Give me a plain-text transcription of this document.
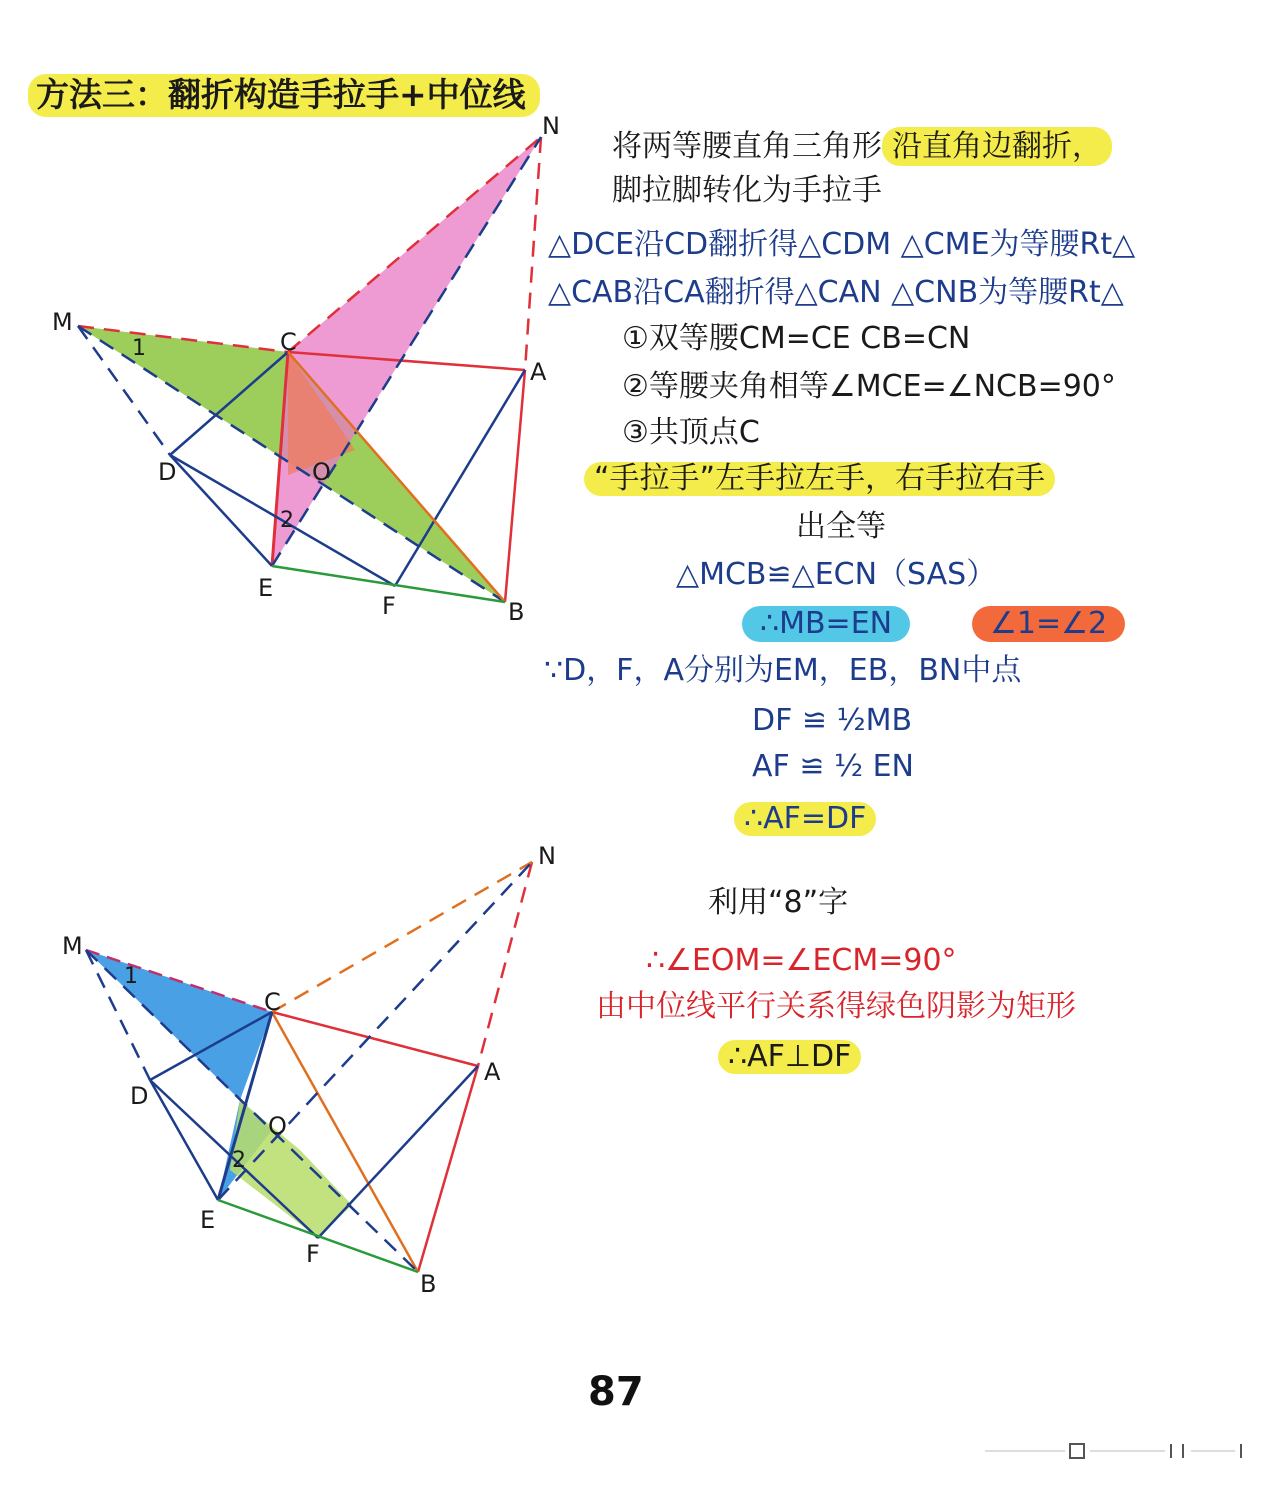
方法三：翻折构造手拉手+中位线
M
C
N
A
D	O
E
F	B
1
2
将两等腰直角三角形 沿直角边翻折，
脚拉脚转化为手拉手
△DCE沿CD翻折得△CDM △CME为等腰Rt△
△CAB沿CA翻折得△CAN △CNB为等腰Rt△
①双等腰CM=CE CB=CN
②等腰夹角相等∠MCE=∠NCB=90°
③共顶点C
“手拉手”左手拉左手，右手拉右手
出全等
△MCB≌△ECN（SAS）
∴MB=EN	∠1=∠2
∵D，F，A分别为EM，EB，BN中点
DF ≌ ½MB
AF ≌ ½ EN
∴AF=DF
M
C
N
A
D
O
E
F
B
1
2
利用“8”字
∴∠EOM=∠ECM=90°
由中位线平行关系得绿色阴影为矩形
∴AF⊥DF
87
